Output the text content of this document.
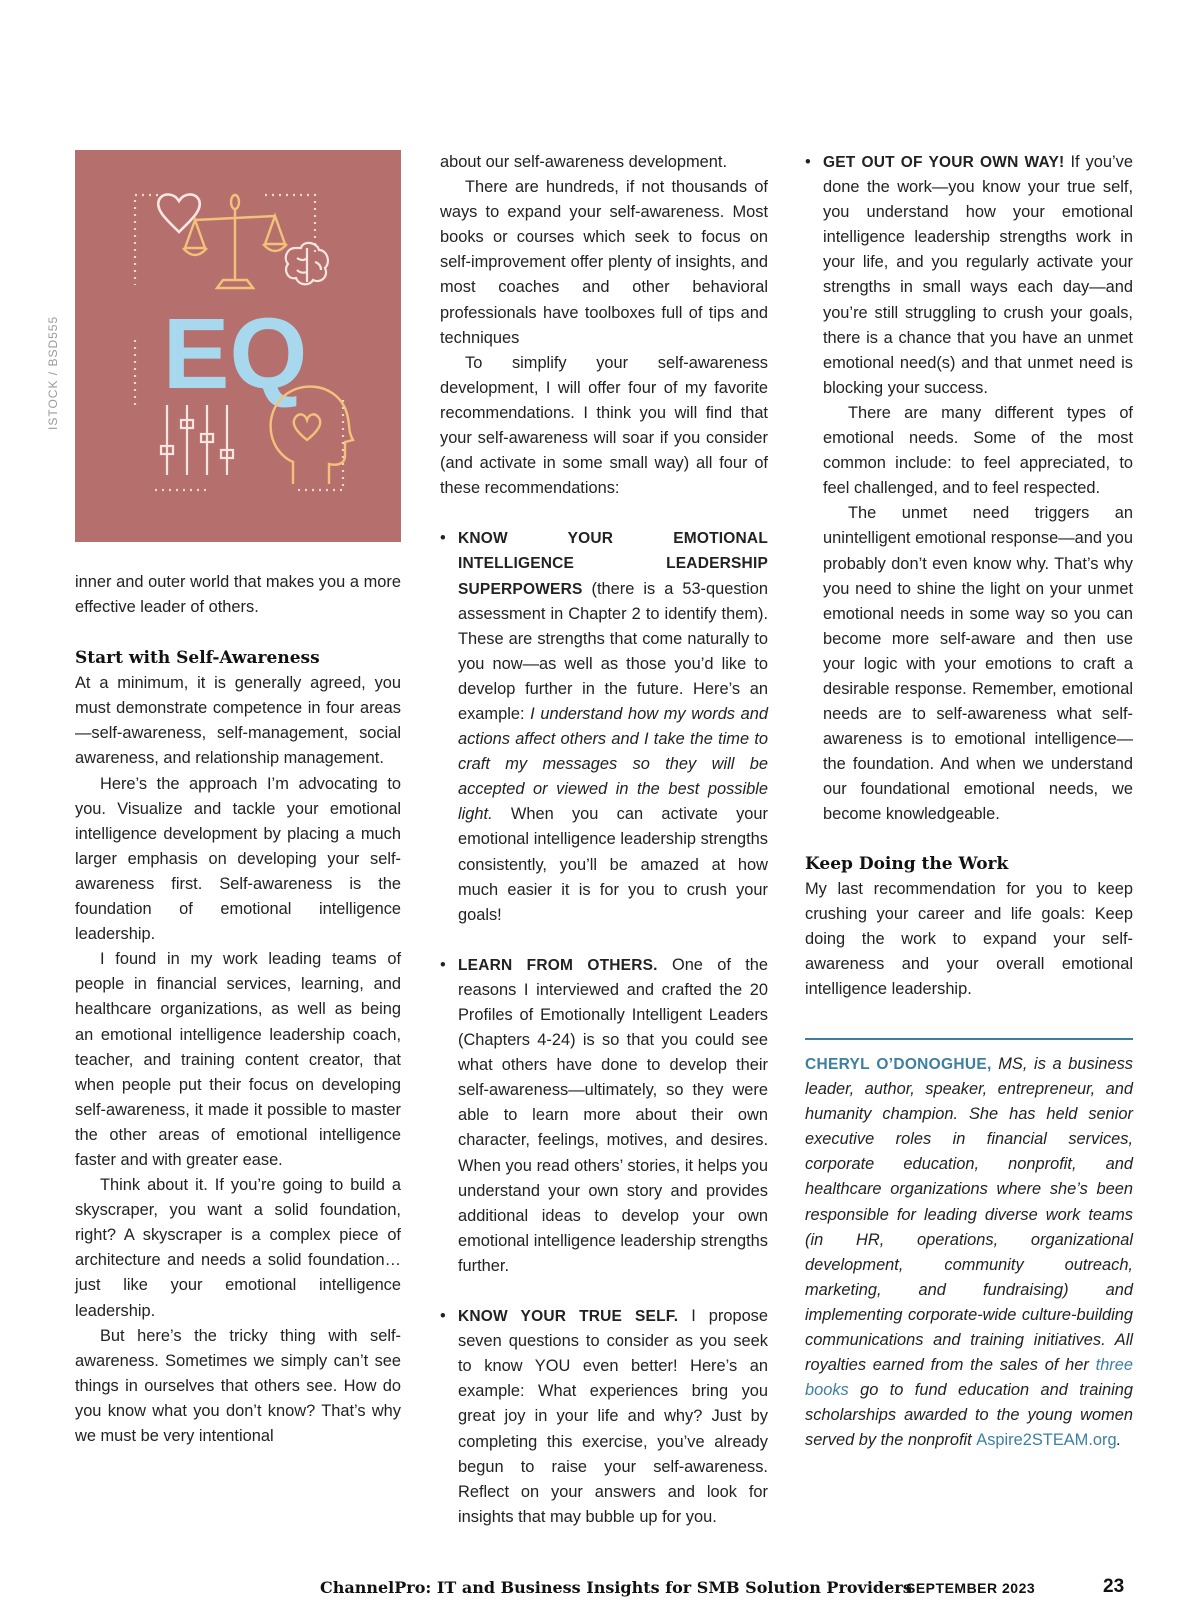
ISTOCK / BSD555 EQ

inner and outer world that makes you a more effective leader of others.

Start with Self-Awareness

At a minimum, it is generally agreed, you must demonstrate competence in four areas—self-awareness, self-management, social awareness, and relationship management.

Here’s the approach I’m advocating to you. Visualize and tackle your emotional intelligence development by placing a much larger emphasis on developing your self-awareness first. Self-awareness is the foundation of emotional intelligence leadership.

I found in my work leading teams of people in financial services, learning, and healthcare organizations, as well as being an emotional intelligence leadership coach, teacher, and training content creator, that when people put their focus on developing self-awareness, it made it possible to master the other areas of emotional intelligence faster and with greater ease.

Think about it. If you’re going to build a skyscraper, you want a solid foundation, right? A skyscraper is a complex piece of architecture and needs a solid foundation…just like your emotional intelligence leadership.

But here’s the tricky thing with self-awareness. Sometimes we simply can’t see things in ourselves that others see. How do you know what you don’t know? That’s why we must be very intentional

about our self-awareness development.

There are hundreds, if not thousands of ways to expand your self-awareness. Most books or courses which seek to focus on self-improvement offer plenty of insights, and most coaches and other behavioral professionals have toolboxes full of tips and techniques

To simplify your self-awareness development, I will offer four of my favorite recommendations. I think you will find that your self-awareness will soar if you consider (and activate in some small way) all four of these recommendations:

• KNOW YOUR EMOTIONAL INTELLIGENCE LEADERSHIP SUPERPOWERS (there is a 53-question assessment in Chapter 2 to identify them). These are strengths that come naturally to you now—as well as those you’d like to develop further in the future. Here’s an example: I understand how my words and actions affect others and I take the time to craft my messages so they will be accepted or viewed in the best possible light. When you can activate your emotional intelligence leadership strengths consistently, you’ll be amazed at how much easier it is for you to crush your goals!
• LEARN FROM OTHERS. One of the reasons I interviewed and crafted the 20 Profiles of Emotionally Intelligent Leaders (Chapters 4-24) is so that you could see what others have done to develop their self-awareness—ultimately, so they were able to learn more about their own character, feelings, motives, and desires. When you read others’ stories, it helps you understand your own story and provides additional ideas to develop your own emotional intelligence leadership strengths further.
• KNOW YOUR TRUE SELF. I propose seven questions to consider as you seek to know YOU even better! Here’s an example: What experiences bring you great joy in your life and why? Just by completing this exercise, you’ve already begun to raise your self-awareness. Reflect on your answers and look for insights that may bubble up for you.
• GET OUT OF YOUR OWN WAY! If you’ve done the work—you know your true self, you understand how your emotional intelligence leadership strengths work in your life, and you regularly activate your strengths in small ways each day—and you’re still struggling to crush your goals, there is a chance that you have an unmet emotional need(s) and that unmet need is blocking your success.

There are many different types of emotional needs. Some of the most common include: to feel appreciated, to feel challenged, and to feel respected.

The unmet need triggers an unintelligent emotional response—and you probably don’t even know why. That’s why you need to shine the light on your unmet emotional needs in some way so you can become more self-aware and then use your logic with your emotions to craft a desirable response. Remember, emotional needs are to self-awareness what self-awareness is to emotional intelligence—the foundation. And when we understand our foundational emotional needs, we become knowledgeable.

Keep Doing the Work

My last recommendation for you to keep crushing your career and life goals: Keep doing the work to expand your self-awareness and your overall emotional intelligence leadership.

CHERYL O’DONOGHUE, MS, is a business leader, author, speaker, entrepreneur, and humanity champion. She has held senior executive roles in financial services, corporate education, nonprofit, and healthcare organizations where she’s been responsible for leading diverse work teams (in HR, operations, organizational development, community outreach, marketing, and fundraising) and implementing corporate-wide culture-building communications and training initiatives. All royalties earned from the sales of her three books go to fund education and training scholarships awarded to the young women served by the nonprofit Aspire2STEAM.org.

ChannelPro: IT and Business Insights for SMB Solution Providers
SEPTEMBER 2023	23
